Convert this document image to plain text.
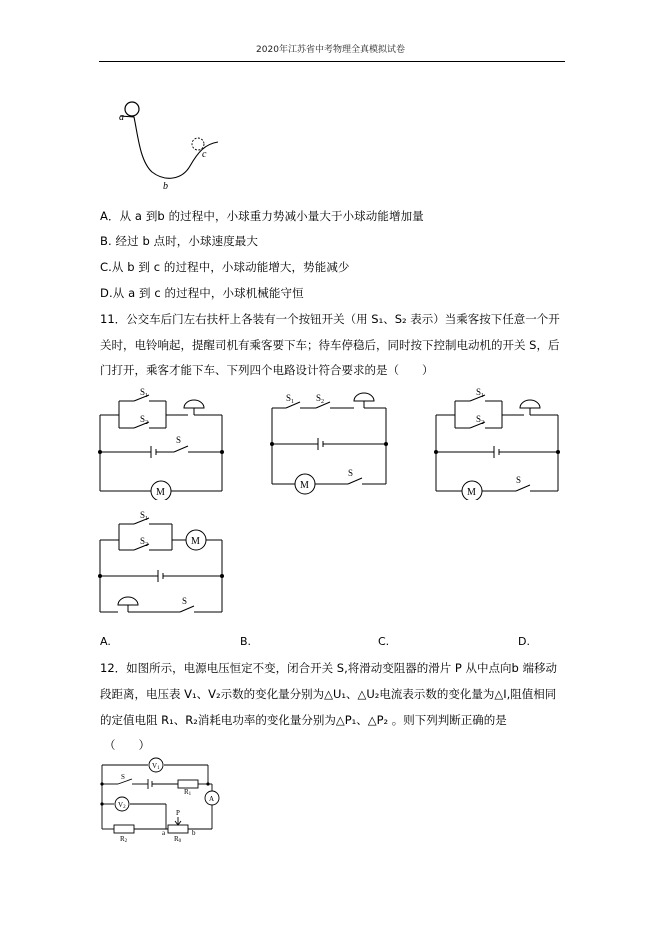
2020年江苏省中考物理全真模拟试卷
a
b
c
A．从 a 到b 的过程中，小球重力势减小量大于小球动能增加量
B. 经过 b 点时，小球速度最大
C.从 b 到 c 的过程中，小球动能增大，势能减少
D.从 a 到 c 的过程中，小球机械能守恒
11．公交车后门左右扶杆上各装有一个按钮开关（用 S₁、S₂ 表示）当乘客按下任意一个开
关时，电铃响起，提醒司机有乘客要下车；待车停稳后，同时按下控制电动机的开关 S，后
门打开，乘客才能下车、下列四个电路设计符合要求的是（　　）
$S_1$
$S_2$
S
M
$S_1$ $S_2$
S
M
$S_1$
$S_2$
S
M
$S_1$
$S_2$
S
M
A.	B.	C.	D.
12．如图所示，电源电压恒定不变，闭合开关 S,将滑动变阻器的滑片 P 从中点向b 端移动
段距离，电压表 V₁、V₂示数的变化量分别为△U₁、△U₂电流表示数的变化量为△I,阻值相同
的定值电阻 R₁、R₂消耗电功率的变化量分别为△P₁、△P₂ 。则下列判断正确的是
（　　）
V1
V2
A
S
R1
R2	R0
P
a	b
